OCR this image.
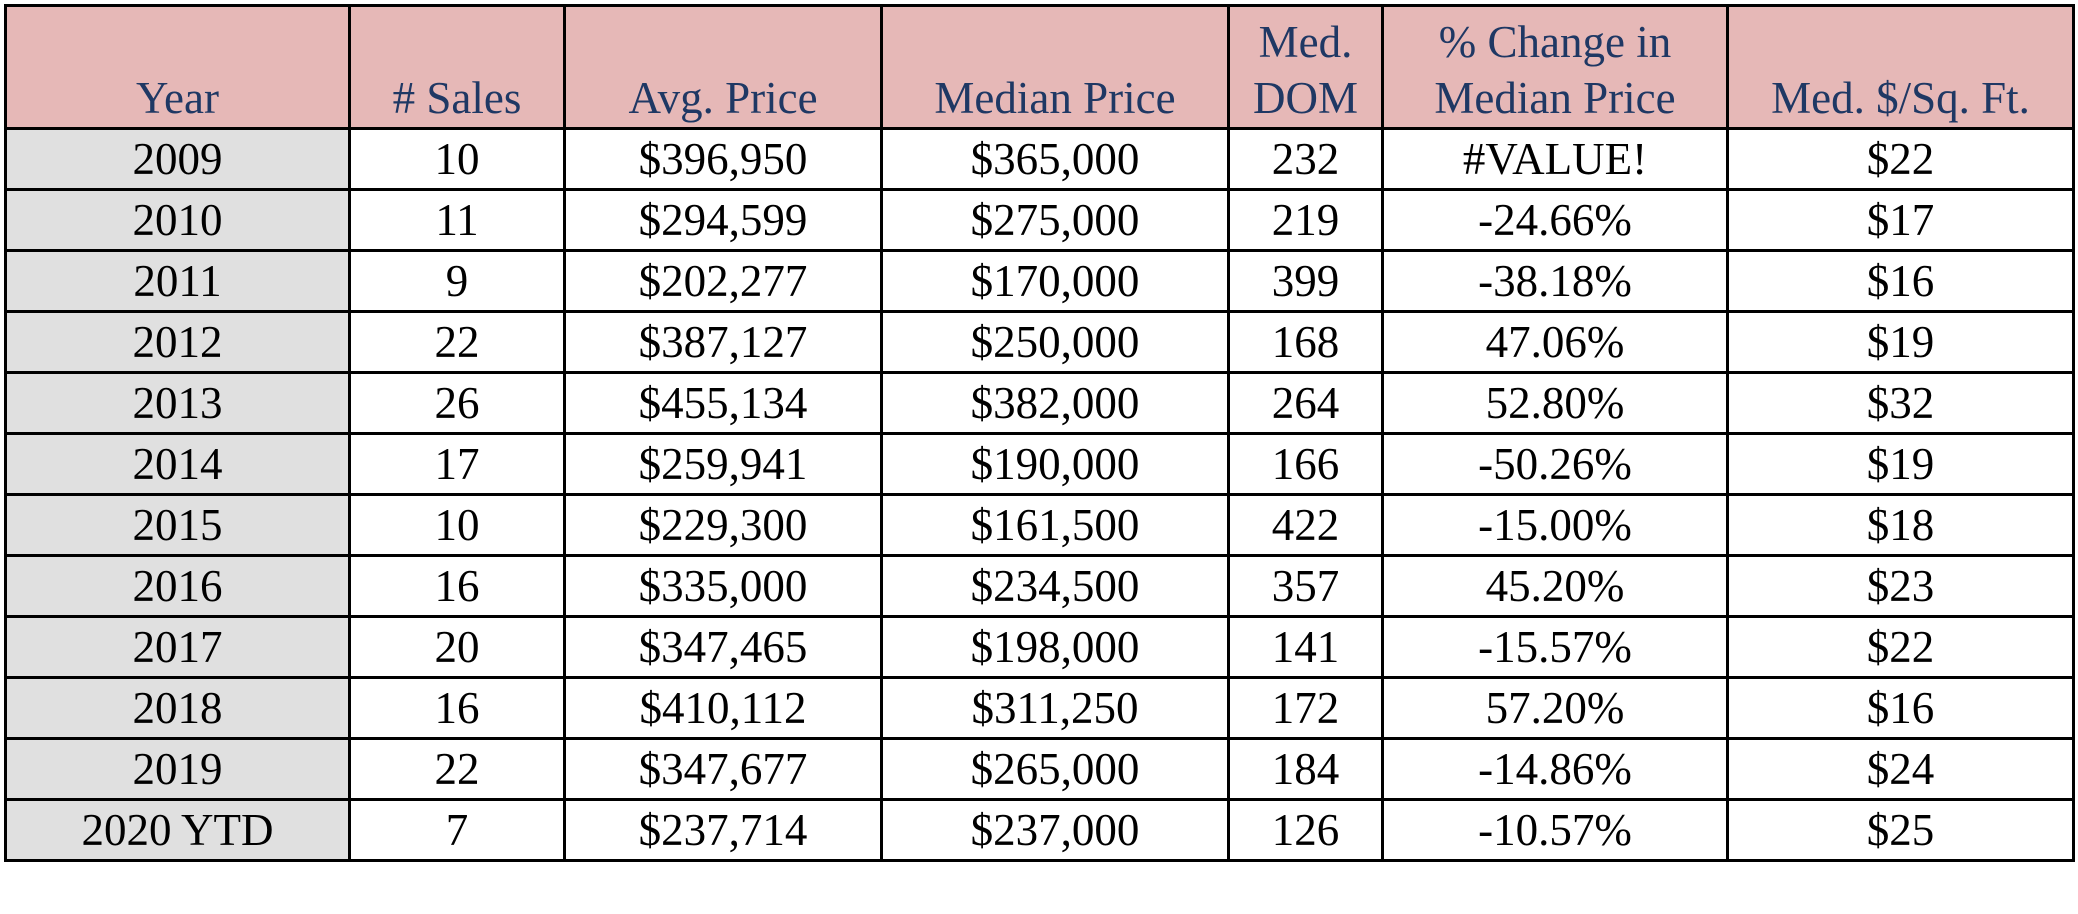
				Med.	% Change in	
Year	# Sales	Avg. Price	Median Price	DOM	Median Price	Med. $/Sq. Ft.
2009	10	$396,950	$365,000	232	#VALUE!	$22
2010	11	$294,599	$275,000	219	-24.66%	$17
2011	9	$202,277	$170,000	399	-38.18%	$16
2012	22	$387,127	$250,000	168	47.06%	$19
2013	26	$455,134	$382,000	264	52.80%	$32
2014	17	$259,941	$190,000	166	-50.26%	$19
2015	10	$229,300	$161,500	422	-15.00%	$18
2016	16	$335,000	$234,500	357	45.20%	$23
2017	20	$347,465	$198,000	141	-15.57%	$22
2018	16	$410,112	$311,250	172	57.20%	$16
2019	22	$347,677	$265,000	184	-14.86%	$24
2020 YTD	7	$237,714	$237,000	126	-10.57%	$25
